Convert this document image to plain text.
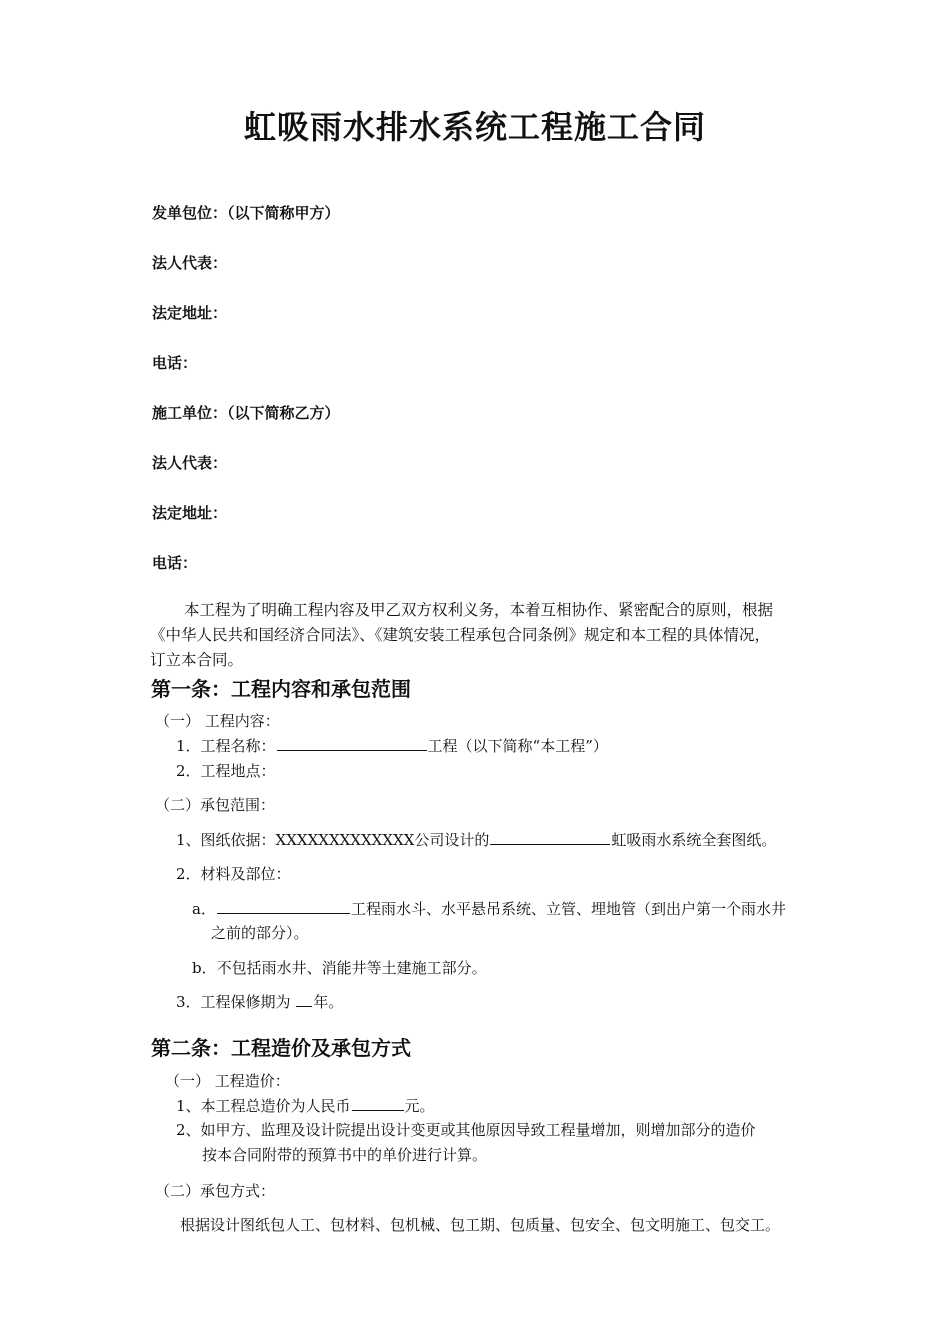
虹吸雨水排水系统工程施工合同
发单包位：（以下简称甲方）
法人代表：
法定地址：
电话：
施工单位：（以下简称乙方）
法人代表：
法定地址：
电话：

本工程为了明确工程内容及甲乙双方权利义务，本着互相协作、紧密配合的原则，根据

《中华人民共和国经济合同法》、《建筑安装工程承包合同条例》规定和本工程的具体情况，

订立本合同。

第一条：工程内容和承包范围
（一） 工程内容：
1．工程名称：	工程（以下简称“本工程”）
2．工程地点：
（二）承包范围：
1、图纸依据：XXXXXXXXXXXXX公司设计的	虹吸雨水系统全套图纸。
2．材料及部位：
a．	工程雨水斗、水平悬吊系统、立管、埋地管（到出户第一个雨水井
之前的部分）。
b．不包括雨水井、消能井等土建施工部分。
3．工程保修期为 年。
第二条：工程造价及承包方式
（一） 工程造价：
1、本工程总造价为人民币	元。
2、如甲方、监理及设计院提出设计变更或其他原因导致工程量增加，则增加部分的造价
按本合同附带的预算书中的单价进行计算。
（二）承包方式：
根据设计图纸包人工、包材料、包机械、包工期、包质量、包安全、包文明施工、包交工。
